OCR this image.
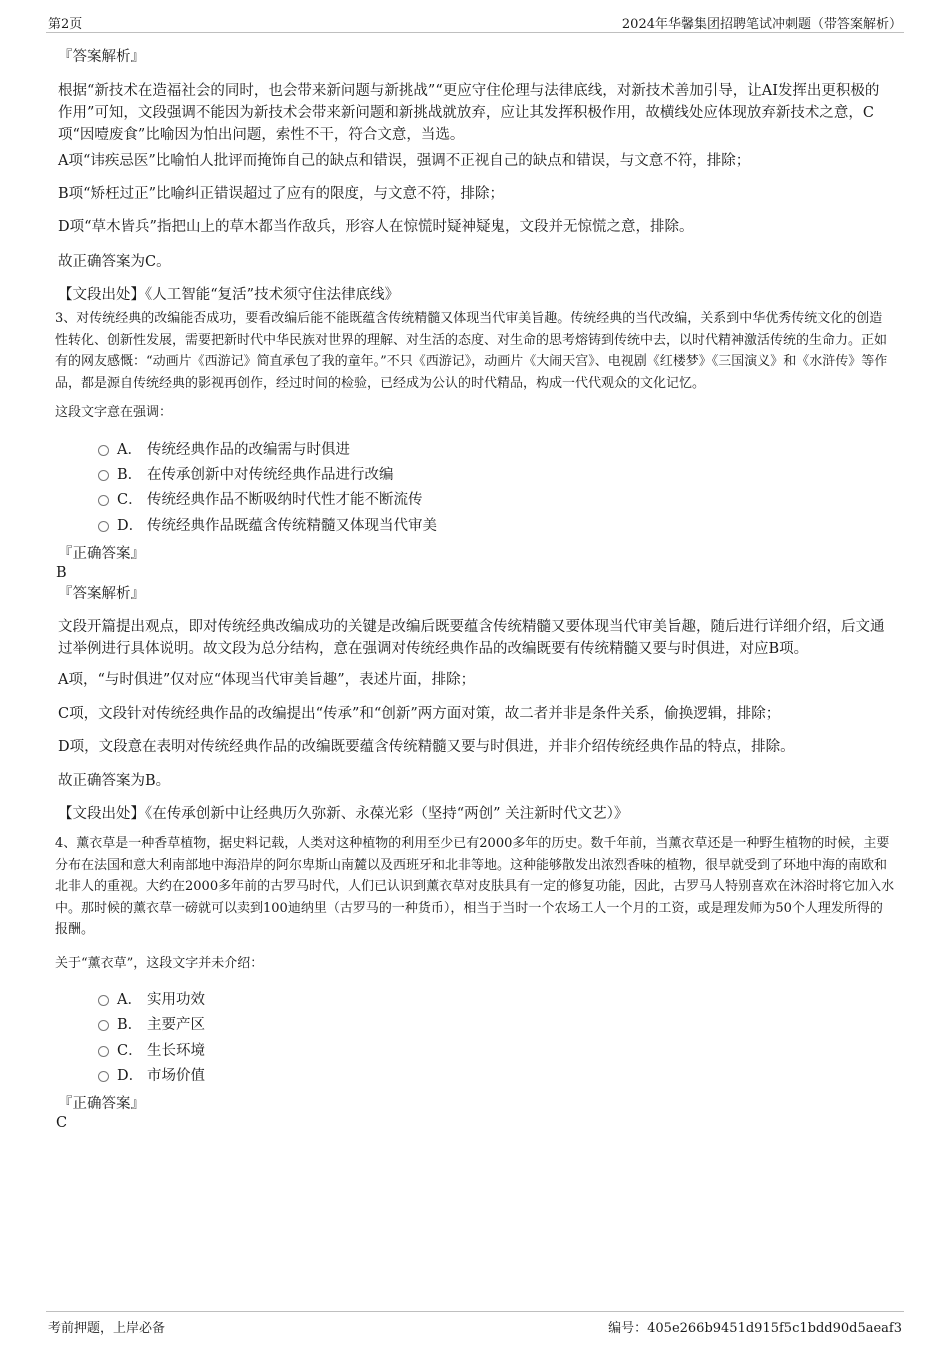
第2页	2024年华馨集团招聘笔试冲刺题（带答案解析）
『答案解析』
根据“新技术在造福社会的同时，也会带来新问题与新挑战”“更应守住伦理与法律底线，对新技术善加引导，让AI发挥出更积极的作用”可知，文段强调不能因为新技术会带来新问题和新挑战就放弃，应让其发挥积极作用，故横线处应体现放弃新技术之意，C项“因噎废食”比喻因为怕出问题，索性不干，符合文意，当选。
A项“讳疾忌医”比喻怕人批评而掩饰自己的缺点和错误，强调不正视自己的缺点和错误，与文意不符，排除；
B项“矫枉过正”比喻纠正错误超过了应有的限度，与文意不符，排除；
D项“草木皆兵”指把山上的草木都当作敌兵，形容人在惊慌时疑神疑鬼，文段并无惊慌之意，排除。
故正确答案为C。
【文段出处】《人工智能“复活”技术须守住法律底线》
3、对传统经典的改编能否成功，要看改编后能不能既蕴含传统精髓又体现当代审美旨趣。传统经典的当代改编，关系到中华优秀传统文化的创造性转化、创新性发展，需要把新时代中华民族对世界的理解、对生活的态度、对生命的思考熔铸到传统中去，以时代精神激活传统的生命力。正如有的网友感慨：“动画片《西游记》简直承包了我的童年。”不只《西游记》，动画片《大闹天宫》、电视剧《红楼梦》《三国演义》和《水浒传》等作品，都是源自传统经典的影视再创作，经过时间的检验，已经成为公认的时代精品，构成一代代观众的文化记忆。
这段文字意在强调：
A． 传统经典作品的改编需与时俱进
B． 在传承创新中对传统经典作品进行改编
C． 传统经典作品不断吸纳时代性才能不断流传
D． 传统经典作品既蕴含传统精髓又体现当代审美
『正确答案』
B
『答案解析』
文段开篇提出观点，即对传统经典改编成功的关键是改编后既要蕴含传统精髓又要体现当代审美旨趣，随后进行详细介绍，后文通过举例进行具体说明。故文段为总分结构，意在强调对传统经典作品的改编既要有传统精髓又要与时俱进，对应B项。
A项，“与时俱进”仅对应“体现当代审美旨趣”，表述片面，排除；
C项，文段针对传统经典作品的改编提出“传承”和“创新”两方面对策，故二者并非是条件关系，偷换逻辑，排除；
D项，文段意在表明对传统经典作品的改编既要蕴含传统精髓又要与时俱进，并非介绍传统经典作品的特点，排除。
故正确答案为B。
【文段出处】《在传承创新中让经典历久弥新、永葆光彩（坚持“两创” 关注新时代文艺）》
4、薰衣草是一种香草植物，据史料记载，人类对这种植物的利用至少已有2000多年的历史。数千年前，当薰衣草还是一种野生植物的时候，主要分布在法国和意大利南部地中海沿岸的阿尔卑斯山南麓以及西班牙和北非等地。这种能够散发出浓烈香味的植物，很早就受到了环地中海的南欧和北非人的重视。大约在2000多年前的古罗马时代，人们已认识到薰衣草对皮肤具有一定的修复功能，因此，古罗马人特别喜欢在沐浴时将它加入水中。那时候的薰衣草一磅就可以卖到100迪纳里（古罗马的一种货币），相当于当时一个农场工人一个月的工资，或是理发师为50个人理发所得的报酬。
关于“薰衣草”，这段文字并未介绍：
A． 实用功效
B． 主要产区
C． 生长环境
D． 市场价值
『正确答案』
C
考前押题，上岸必备	编号：405e266b9451d915f5c1bdd90d5aeaf3
